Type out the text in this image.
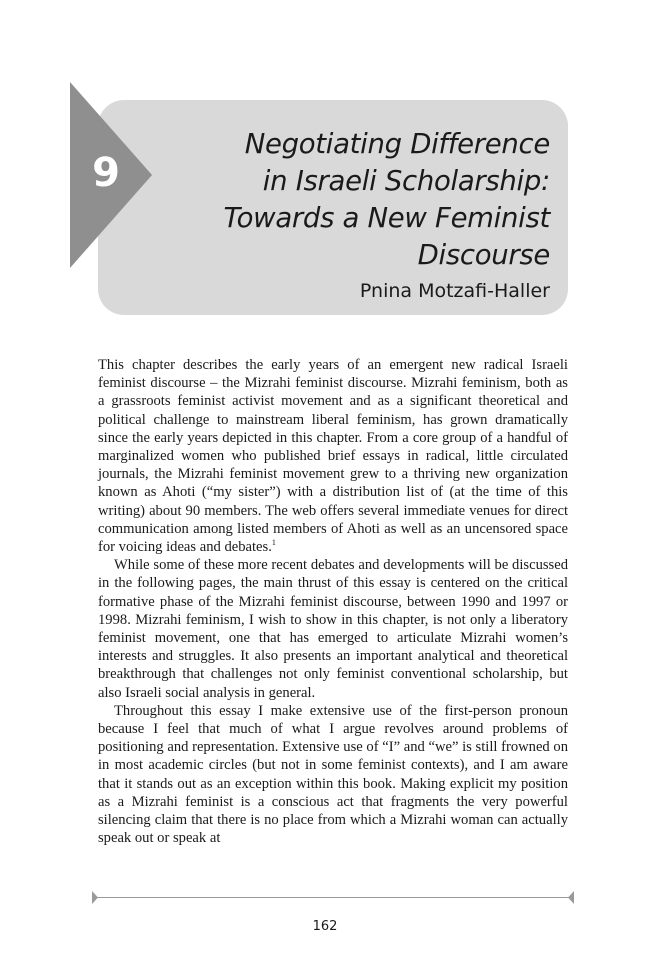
9
Negotiating Difference
in Israeli Scholarship:
Towards a New Feminist
Discourse
Pnina Motzafi-Haller

This chapter describes the early years of an emergent new radical Israeli feminist discourse – the Mizrahi feminist discourse. Mizrahi feminism, both as a grassroots feminist activist movement and as a significant theoretical and political challenge to mainstream liberal feminism, has grown dramatically since the early years depicted in this chapter. From a core group of a handful of marginalized women who published brief essays in radical, little circulated journals, the Mizrahi feminist movement grew to a thriving new organization known as Ahoti (“my sister”) with a distribution list of (at the time of this writing) about 90 members. The web offers several immediate venues for direct communication among listed members of Ahoti as well as an uncensored space for voicing ideas and debates.$^1$

While some of these more recent debates and developments will be discussed in the following pages, the main thrust of this essay is centered on the critical formative phase of the Mizrahi feminist discourse, between 1990 and 1997 or 1998. Mizrahi feminism, I wish to show in this chapter, is not only a liberatory feminist movement, one that has emerged to articulate Mizrahi women’s interests and struggles. It also presents an important analytical and theoretical breakthrough that challenges not only feminist conventional scholarship, but also Israeli social analysis in general.

Throughout this essay I make extensive use of the first-person pronoun because I feel that much of what I argue revolves around problems of positioning and representation. Extensive use of “I” and “we” is still frowned on in most academic circles (but not in some feminist contexts), and I am aware that it stands out as an exception within this book. Making explicit my position as a Mizrahi feminist is a conscious act that fragments the very powerful silencing claim that there is no place from which a Mizrahi woman can actually speak out or speak at

162
